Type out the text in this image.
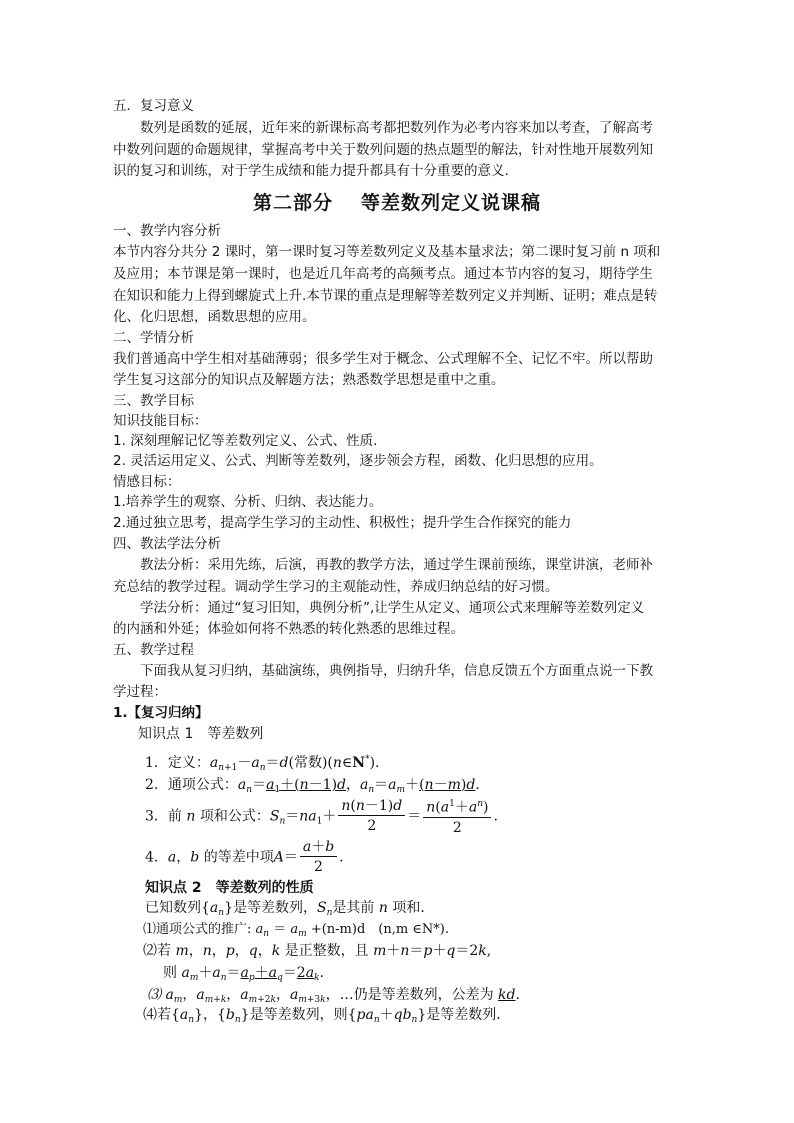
五．复习意义
数列是函数的延展，近年来的新课标高考都把数列作为必考内容来加以考查，了解高考
中数列问题的命题规律，掌握高考中关于数列问题的热点题型的解法，针对性地开展数列知
识的复习和训练，对于学生成绩和能力提升都具有十分重要的意义.
第二部分 等差数列定义说课稿
一、教学内容分析
本节内容分共分 2 课时，第一课时复习等差数列定义及基本量求法；第二课时复习前 n 项和
及应用；本节课是第一课时，也是近几年高考的高频考点。通过本节内容的复习，期待学生
在知识和能力上得到螺旋式上升.本节课的重点是理解等差数列定义并判断、证明；难点是转
化、化归思想，函数思想的应用。
二、学情分析
我们普通高中学生相对基础薄弱；很多学生对于概念、公式理解不全、记忆不牢。所以帮助
学生复习这部分的知识点及解题方法；熟悉数学思想是重中之重。
三、教学目标
知识技能目标：
1. 深刻理解记忆等差数列定义、公式、性质.
2. 灵活运用定义、公式、判断等差数列，逐步领会方程，函数、化归思想的应用。
情感目标：
1.培养学生的观察、分析、归纳、表达能力。
2.通过独立思考，提高学生学习的主动性、积极性；提升学生合作探究的能力
四、教法学法分析
教法分析：采用先练，后演，再教的教学方法，通过学生课前预练，课堂讲演，老师补
充总结的教学过程。调动学生学习的主观能动性，养成归纳总结的好习惯。
学法分析：通过“复习旧知，典例分析”,让学生从定义、通项公式来理解等差数列定义
的内涵和外延；体验如何将不熟悉的转化熟悉的思维过程。
五、教学过程
下面我从复习归纳，基础演练，典例指导，归纳升华，信息反馈五个方面重点说一下教
学过程：
1.【复习归纳】
知识点 1　等差数列
1．定义：$a_{n+1}-a_n=d$(常数)(n∈N*).
2．通项公式：$a_n=a_1+(n-1)d$，$a_n=a_m+(n-m)d$.
3．前 n 项和公式：$S_n=na_1+ \frac{n(n-1)d}{2} = \frac{n(a^1+a^n)}{2}$ .
4．a，b 的等差中项$A= \frac{a+b}{2}$ .
知识点 2　等差数列的性质
已知数列$\{a_n\}$是等差数列，$S_n$是其前 n 项和．
⑴通项公式的推广: $a_n = a_m +(n-m)d$　(n,m ∈N*).
⑵若 m，n，p，q，k 是正整数，且 m＋n＝p＋q＝2k,
则 $a_m+a_n=a_p+a_q=2a_k$.
⑶ $a_m$，$a_{m+k}$，$a_{m+2k}$，$a_{m+3k}$，…仍是等差数列，公差为 kd.
⑷若$\{a_n\}$，$\{b_n\}$是等差数列，则$\{pa_n+qb_n\}$是等差数列．
